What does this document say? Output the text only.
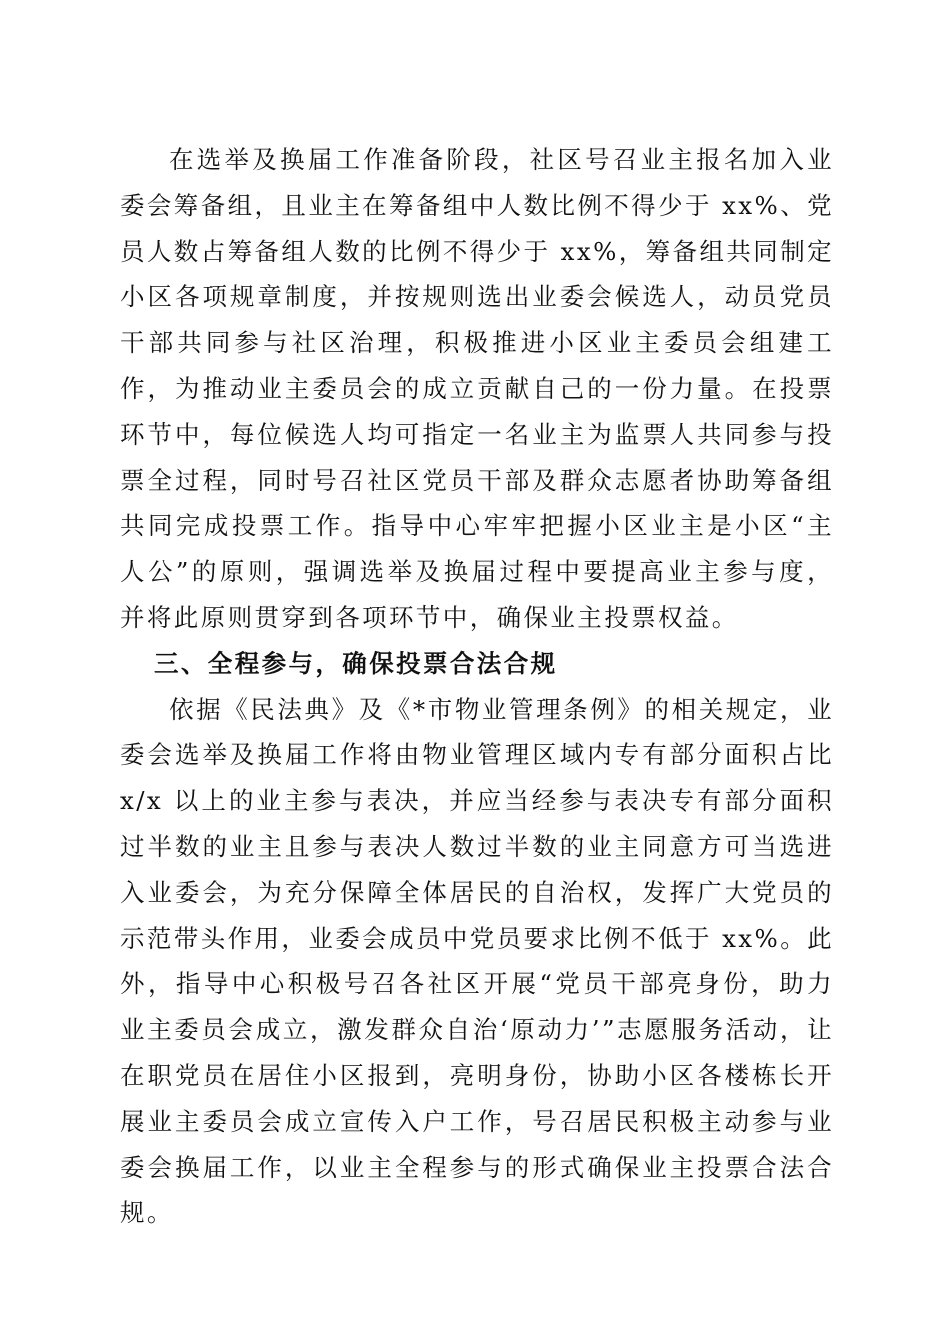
在选举及换届工作准备阶段，社区号召业主报名加入业委会筹备组，且业主在筹备组中人数比例不得少于 xx%、党员人数占筹备组人数的比例不得少于 xx%，筹备组共同制定小区各项规章制度，并按规则选出业委会候选人，动员党员干部共同参与社区治理，积极推进小区业主委员会组建工作，为推动业主委员会的成立贡献自己的一份力量。在投票环节中，每位候选人均可指定一名业主为监票人共同参与投票全过程，同时号召社区党员干部及群众志愿者协助筹备组共同完成投票工作。指导中心牢牢把握小区业主是小区“主人公”的原则，强调选举及换届过程中要提高业主参与度，并将此原则贯穿到各项环节中，确保业主投票权益。

三、全程参与，确保投票合法合规

依据《民法典》及《*市物业管理条例》的相关规定，业委会选举及换届工作将由物业管理区域内专有部分面积占比 x/x 以上的业主参与表决，并应当经参与表决专有部分面积过半数的业主且参与表决人数过半数的业主同意方可当选进入业委会，为充分保障全体居民的自治权，发挥广大党员的示范带头作用，业委会成员中党员要求比例不低于 xx%。此外，指导中心积极号召各社区开展“党员干部亮身份，助力业主委员会成立，激发群众自治‘原动力’”志愿服务活动，让在职党员在居住小区报到，亮明身份，协助小区各楼栋长开展业主委员会成立宣传入户工作，号召居民积极主动参与业委会换届工作，以业主全程参与的形式确保业主投票合法合规。
